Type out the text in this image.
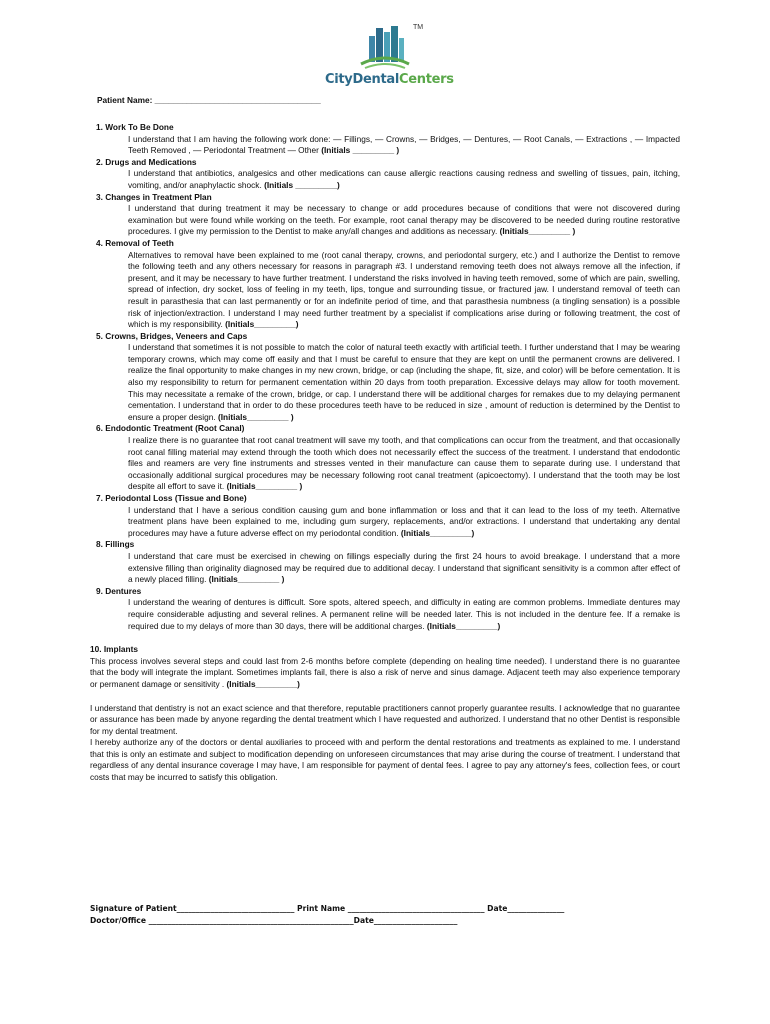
TM
CityDentalCenters
Patient Name: ____________________________________
1. Work To Be Done
I understand that I am having the following work done: — Fillings, — Crowns, — Bridges, — Dentures, — Root Canals, — Extractions , — Impacted Teeth Removed , — Periodontal Treatment — Other (Initials _________ )
2. Drugs and Medications
I understand that antibiotics, analgesics and other medications can cause allergic reactions causing redness and swelling of tissues, pain, itching, vomiting, and/or anaphylactic shock. (Initials _________)
3. Changes in Treatment Plan
I understand that during treatment it may be necessary to change or add procedures because of conditions that were not discovered during examination but were found while working on the teeth. For example, root canal therapy may be discovered to be needed during routine restorative procedures. I give my permission to the Dentist to make any/all changes and additions as necessary. (Initials_________ )
4. Removal of Teeth
Alternatives to removal have been explained to me (root canal therapy, crowns, and periodontal surgery, etc.) and I authorize the Dentist to remove the following teeth and any others necessary for reasons in paragraph #3. I understand removing teeth does not always remove all the infection, if present, and it may be necessary to have further treatment. I understand the risks involved in having teeth removed, some of which are pain, swelling, spread of infection, dry socket, loss of feeling in my teeth, lips, tongue and surrounding tissue, or fractured jaw. I understand removal of teeth can result in parasthesia that can last permanently or for an indefinite period of time, and that parasthesia numbness (a tingling sensation) is a possible risk of injection/extraction. I understand I may need further treatment by a specialist if complications arise during or following treatment, the cost of which is my responsibility. (Initials_________)
5. Crowns, Bridges, Veneers and Caps
I understand that sometimes it is not possible to match the color of natural teeth exactly with artificial teeth. I further understand that I may be wearing temporary crowns, which may come off easily and that I must be careful to ensure that they are kept on until the permanent crowns are delivered. I realize the final opportunity to make changes in my new crown, bridge, or cap (including the shape, fit, size, and color) will be before cementation. It is also my responsibility to return for permanent cementation within 20 days from tooth preparation. Excessive delays may allow for tooth movement. This may necessitate a remake of the crown, bridge, or cap. I understand there will be additional charges for remakes due to my delaying permanent cementation. I understand that in order to do these procedures teeth have to be reduced in size , amount of reduction is determined by the Dentist to ensure a proper design. (Initials_________ )
6. Endodontic Treatment (Root Canal)
I realize there is no guarantee that root canal treatment will save my tooth, and that complications can occur from the treatment, and that occasionally root canal filling material may extend through the tooth which does not necessarily effect the success of the treatment. I understand that endodontic files and reamers are very fine instruments and stresses vented in their manufacture can cause them to separate during use. I understand that occasionally additional surgical procedures may be necessary following root canal treatment (apicoectomy). I understand that the tooth may be lost despite all effort to save it. (Initials_________ )
7. Periodontal Loss (Tissue and Bone)
I understand that I have a serious condition causing gum and bone inflammation or loss and that it can lead to the loss of my teeth. Alternative treatment plans have been explained to me, including gum surgery, replacements, and/or extractions. I understand that undertaking any dental procedures may have a future adverse effect on my periodontal condition. (Initials_________)
8. Fillings
I understand that care must be exercised in chewing on fillings especially during the first 24 hours to avoid breakage. I understand that a more extensive filling than originality diagnosed may be required due to additional decay. I understand that significant sensitivity is a common after effect of a newly placed filling. (Initials_________ )
9. Dentures
I understand the wearing of dentures is difficult. Sore spots, altered speech, and difficulty in eating are common problems. Immediate dentures may require considerable adjusting and several relines. A permanent reline will be needed later. This is not included in the denture fee. If a remake is required due to my delays of more than 30 days, there will be additional charges. (Initials_________)
10. Implants
This process involves several steps and could last from 2-6 months before complete (depending on healing time needed). I understand there is no guarantee that the body will integrate the implant. Sometimes implants fail, there is also a risk of nerve and sinus damage. Adjacent teeth may also experience temporary or permanent damage or sensitivity . (Initials_________)
I understand that dentistry is not an exact science and that therefore, reputable practitioners cannot properly guarantee results. I acknowledge that no guarantee or assurance has been made by anyone regarding the dental treatment which I have requested and authorized. I understand that no other Dentist is responsible for my dental treatment.
I hereby authorize any of the doctors or dental auxiliaries to proceed with and perform the dental restorations and treatments as explained to me. I understand that this is only an estimate and subject to modification depending on unforeseen circumstances that may arise during the course of treatment. I understand that regardless of any dental insurance coverage I may have, I am responsible for payment of dental fees. I agree to pay any attorney's fees, collection fees, or court costs that may be incurred to satisfy this obligation.
Signature of Patient_______________________________ Print Name ____________________________________ Date_______________
Doctor/Office ______________________________________________________Date______________________
